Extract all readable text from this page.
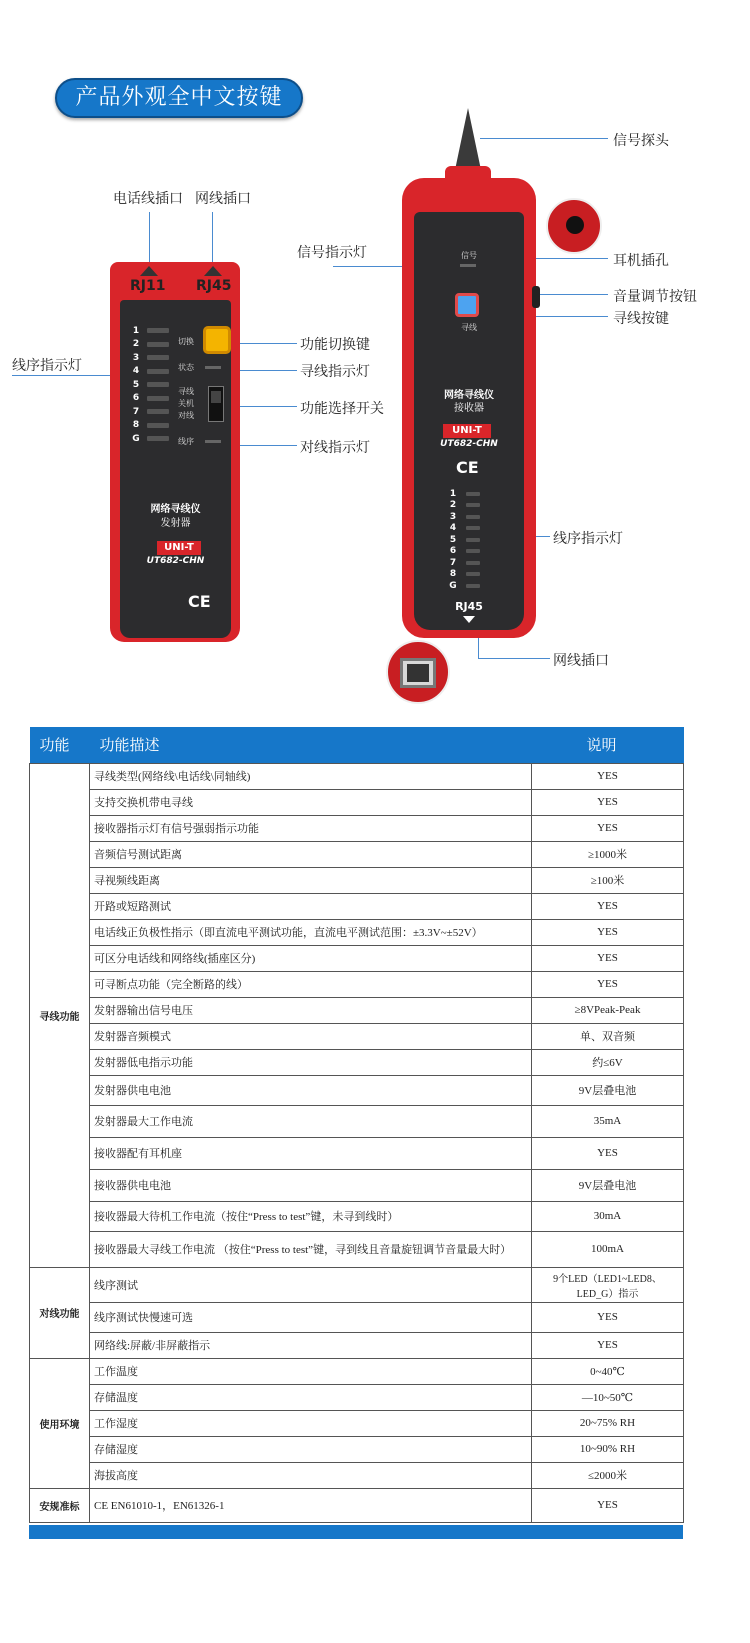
产品外观全中文按键
电话线插口 网线插口
线序指示灯
功能切换键
寻线指示灯
功能选择开关
对线指示灯
信号指示灯
信号探头
耳机插孔
音量调节按钮
寻线按键
线序指示灯
网线插口
RJ11 RJ45
1
2
3
4
5
6
7
8
G
切换
状态
寻线
关机
对线
线序
网络寻线仪
发射器
UNI-T
UT682-CHN
CE
信号
寻线
网络寻线仪
接收器
UNI-T
UT682-CHN
CE
1
2
3
4
5
6
7
8
G
RJ45
功能	功能描述	说明
寻线功能	寻线类型(网络线\电话线\同轴线)	YES
	支持交换机带电寻线	YES
	接收器指示灯有信号强弱指示功能	YES
	音频信号测试距离	≥1000米
	寻视频线距离	≥100米
	开路或短路测试	YES
	电话线正负极性指示（即直流电平测试功能，直流电平测试范围：±3.3V~±52V）	YES
	可区分电话线和网络线(插座区分)	YES
	可寻断点功能（完全断路的线）	YES
	发射器输出信号电压	≥8VPeak-Peak
	发射器音频模式	单、双音频
	发射器低电指示功能	约≤6V
	发射器供电电池	9V层叠电池
	发射器最大工作电流	35mA
	接收器配有耳机座	YES
	接收器供电电池	9V层叠电池
	接收器最大待机工作电流（按住“Press to test”键，未寻到线时）	30mA
	接收器最大寻线工作电流 （按住“Press to test”键，寻到线且音量旋钮调节音量最大时）	100mA
对线功能	线序测试	9个LED（LED1~LED8、LED_G）指示
	线序测试快慢速可选	YES
	网络线:屏蔽/非屏蔽指示	YES
使用环境	工作温度	0~40℃
	存储温度	—10~50℃
	工作湿度	20~75% RH
	存储湿度	10~90% RH
	海拔高度	≤2000米
安规准标	CE EN61010-1，EN61326-1	YES
